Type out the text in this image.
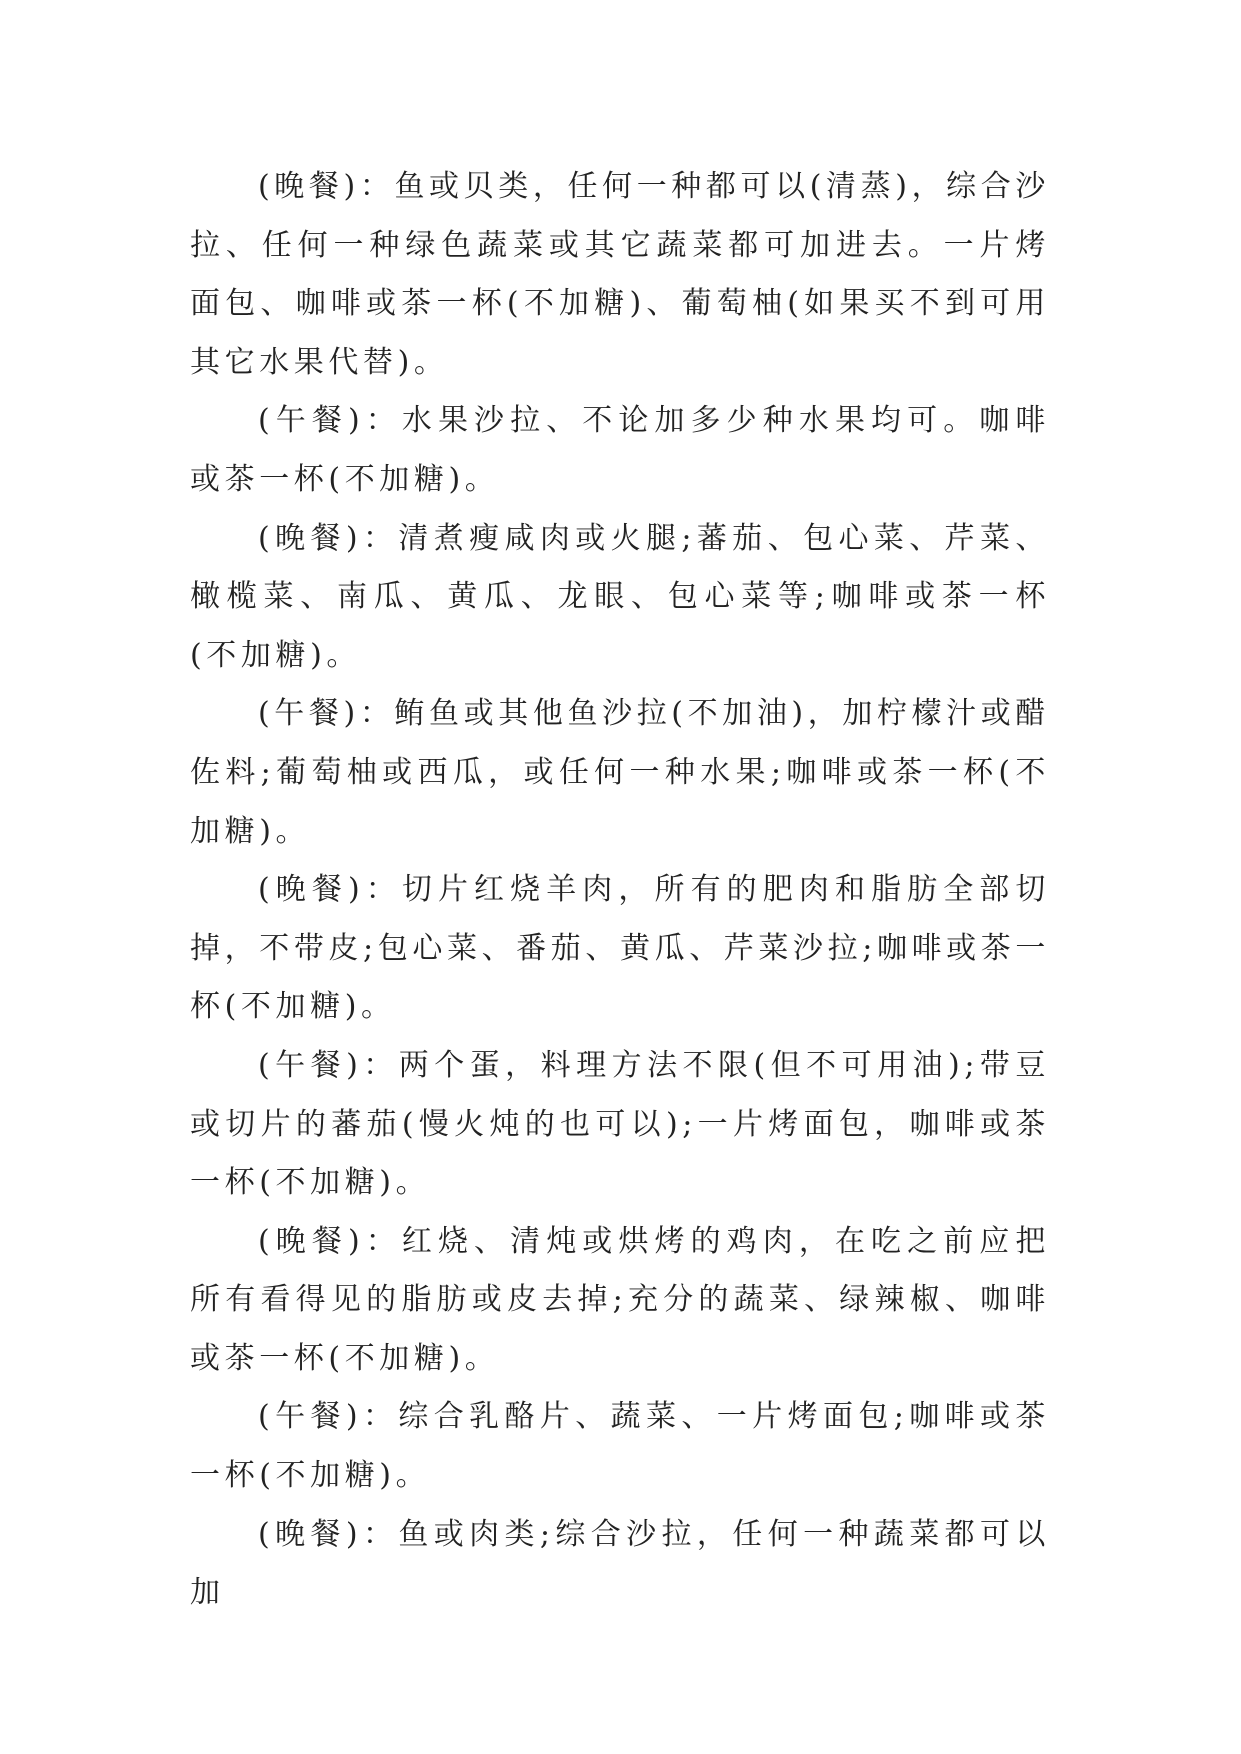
(晚餐)：鱼或贝类，任何一种都可以(清蒸)，综合沙拉、任何一种绿色蔬菜或其它蔬菜都可加进去。一片烤面包、咖啡或茶一杯(不加糖)、葡萄柚(如果买不到可用其它水果代替)。

(午餐)：水果沙拉、不论加多少种水果均可。咖啡或茶一杯(不加糖)。

(晚餐)：清煮瘦咸肉或火腿;蕃茄、包心菜、芹菜、橄榄菜、南瓜、黄瓜、龙眼、包心菜等;咖啡或茶一杯(不加糖)。

(午餐)：鲔鱼或其他鱼沙拉(不加油)，加柠檬汁或醋佐料;葡萄柚或西瓜，或任何一种水果;咖啡或茶一杯(不加糖)。

(晚餐)：切片红烧羊肉，所有的肥肉和脂肪全部切掉，不带皮;包心菜、番茄、黄瓜、芹菜沙拉;咖啡或茶一杯(不加糖)。

(午餐)：两个蛋，料理方法不限(但不可用油);带豆或切片的蕃茄(慢火炖的也可以);一片烤面包，咖啡或茶一杯(不加糖)。

(晚餐)：红烧、清炖或烘烤的鸡肉，在吃之前应把所有看得见的脂肪或皮去掉;充分的蔬菜、绿辣椒、咖啡或茶一杯(不加糖)。

(午餐)：综合乳酪片、蔬菜、一片烤面包;咖啡或茶一杯(不加糖)。

(晚餐)：鱼或肉类;综合沙拉，任何一种蔬菜都可以加
